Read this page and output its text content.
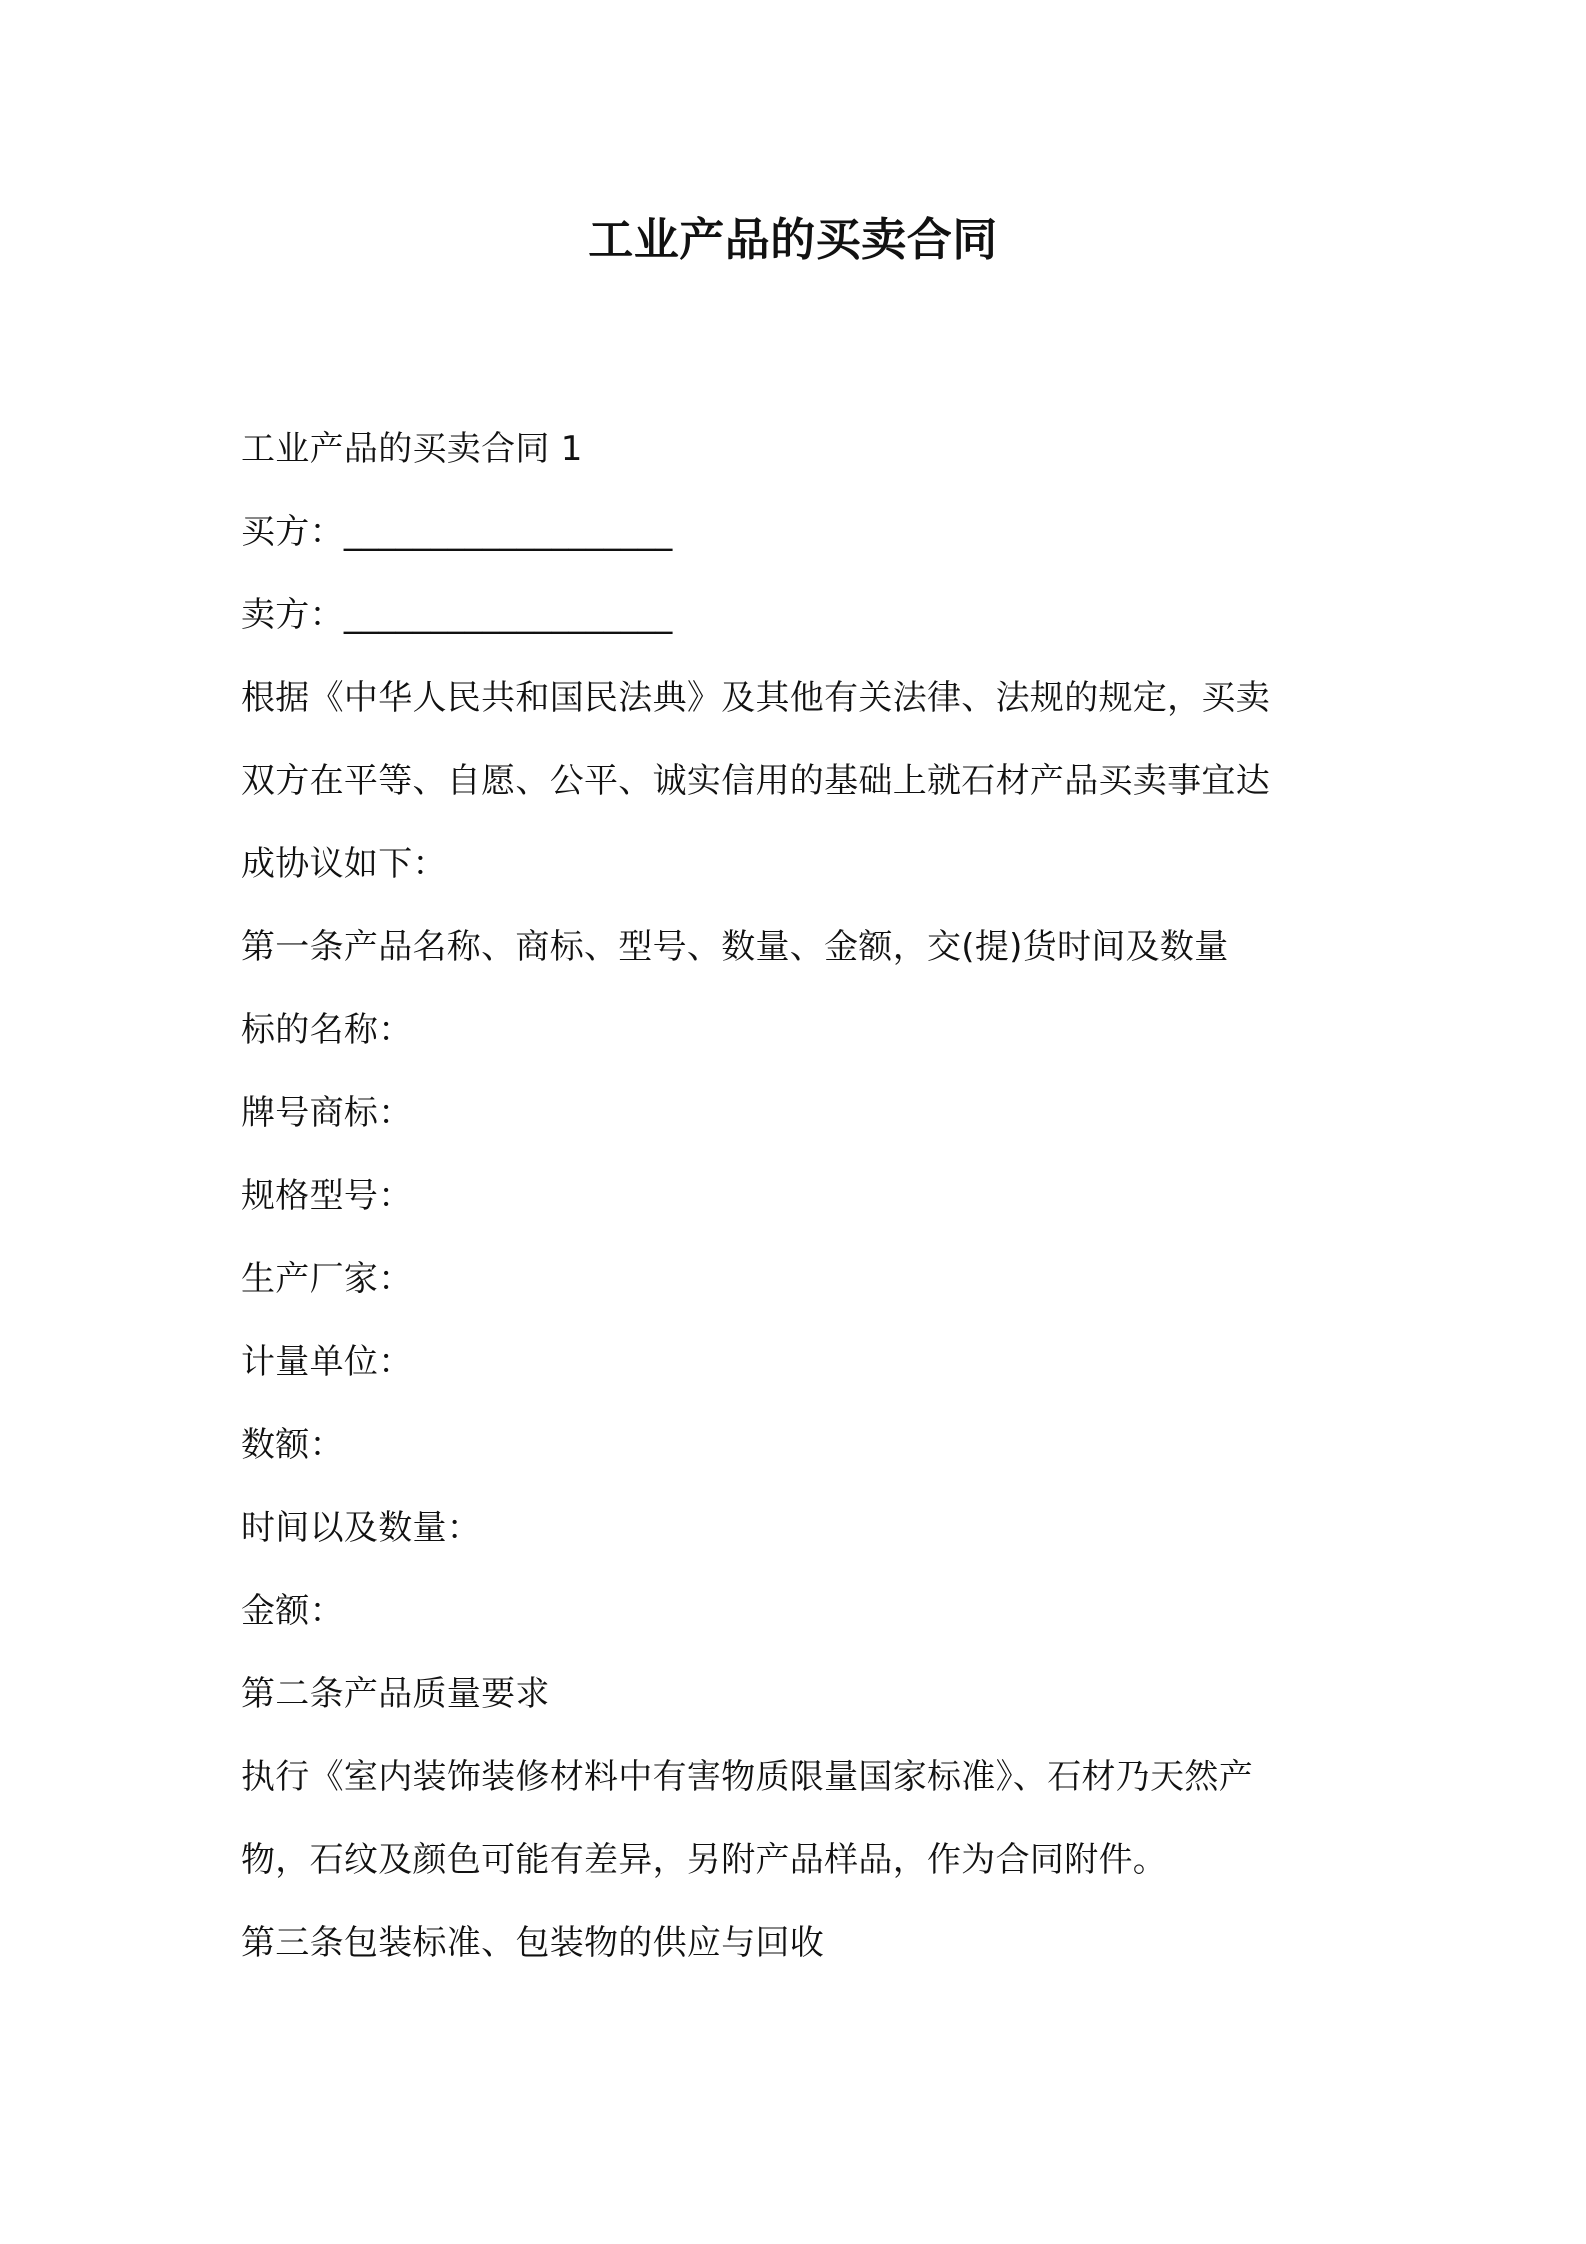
工业产品的买卖合同
工业产品的买卖合同 1
买方：___________________
卖方：___________________
根据《中华人民共和国民法典》及其他有关法律、法规的规定，买卖
双方在平等、自愿、公平、诚实信用的基础上就石材产品买卖事宜达
成协议如下：
第一条产品名称、商标、型号、数量、金额，交(提)货时间及数量
标的名称：
牌号商标：
规格型号：
生产厂家：
计量单位：
数额：
时间以及数量：
金额：
第二条产品质量要求
执行《室内装饰装修材料中有害物质限量国家标准》、石材乃天然产
物，石纹及颜色可能有差异，另附产品样品，作为合同附件。
第三条包装标准、包装物的供应与回收
